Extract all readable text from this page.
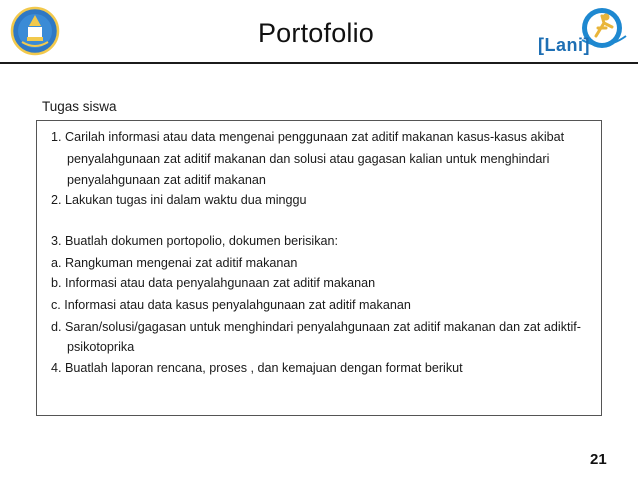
Portofolio	[Lani]
Tugas siswa
1. Carilah informasi atau data mengenai penggunaan zat aditif makanan kasus-kasus akibat
penyalahgunaan zat aditif makanan dan solusi atau gagasan kalian untuk menghindari
penyalahgunaan zat aditif makanan
2. Lakukan tugas ini dalam waktu dua minggu
3. Buatlah dokumen portopolio, dokumen berisikan:
a. Rangkuman mengenai zat aditif makanan
b. Informasi atau data penyalahgunaan zat aditif makanan
c. Informasi atau data kasus penyalahgunaan zat aditif makanan
d. Saran/solusi/gagasan untuk menghindari penyalahgunaan zat aditif makanan dan zat adiktif-
psikotoprika
4. Buatlah laporan rencana, proses , dan kemajuan dengan format berikut
21
